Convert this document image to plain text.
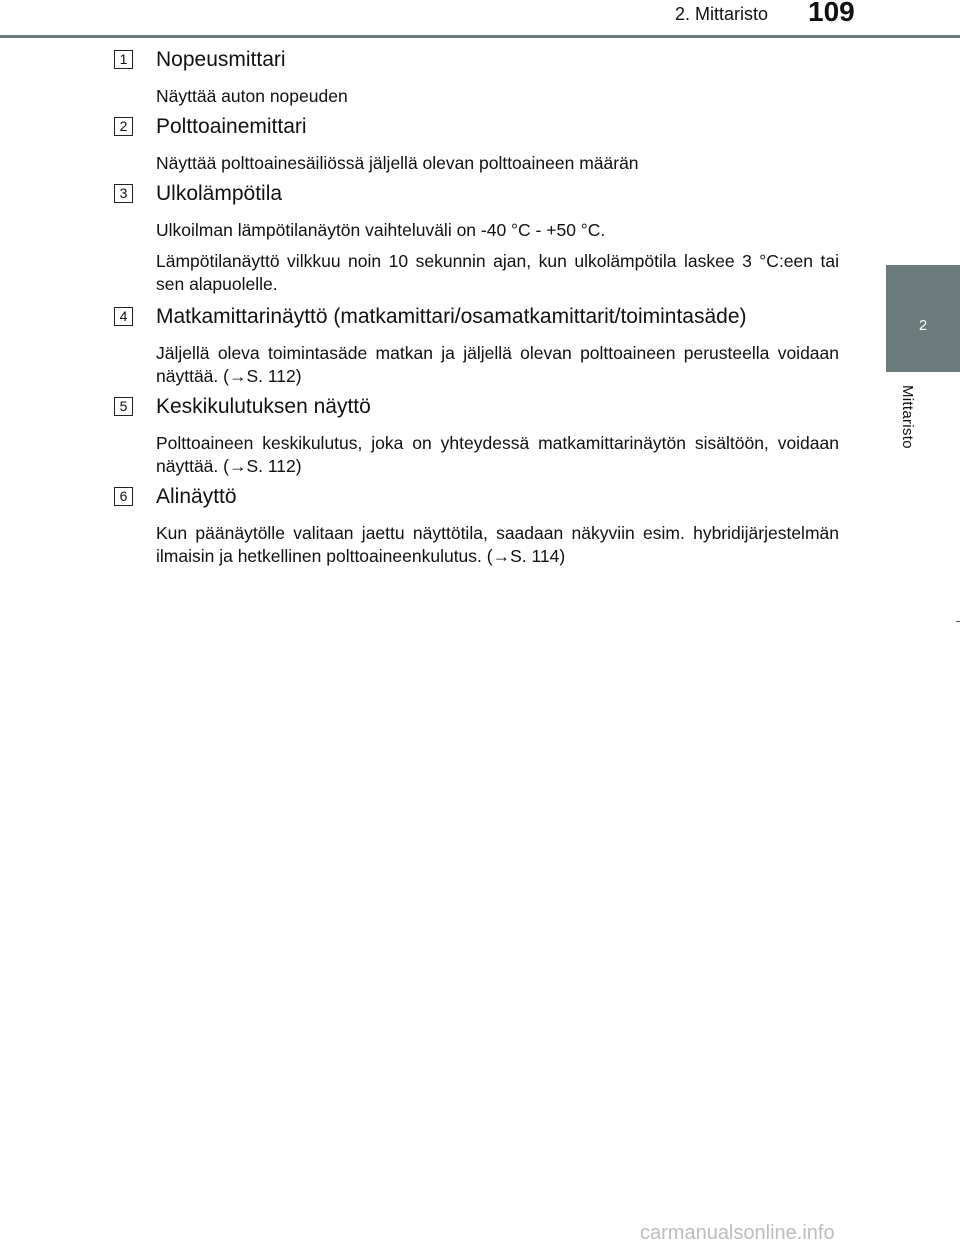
2. Mittaristo 109
2
Mittaristo
1 Nopeusmittari
Näyttää auton nopeuden
2 Polttoainemittari
Näyttää polttoainesäiliössä jäljellä olevan polttoaineen määrän
3 Ulkolämpötila
Ulkoilman lämpötilanäytön vaihteluväli on -40 °C - +50 °C.
Lämpötilanäyttö vilkkuu noin 10 sekunnin ajan, kun ulkolämpötila laskee 3 °C:een tai sen alapuolelle.
4 Matkamittarinäyttö (matkamittari/osamatkamittarit/toimintasäde)
Jäljellä oleva toimintasäde matkan ja jäljellä olevan polttoaineen perusteella voidaan näyttää. (→S. 112)
5 Keskikulutuksen näyttö
Polttoaineen keskikulutus, joka on yhteydessä matkamittarinäytön sisältöön, voidaan näyttää. (→S. 112)
6 Alinäyttö
Kun päänäytölle valitaan jaettu näyttötila, saadaan näkyviin esim. hybridijärjestelmän ilmaisin ja hetkellinen polttoaineenkulutus. (→S. 114)
carmanualsonline.info
